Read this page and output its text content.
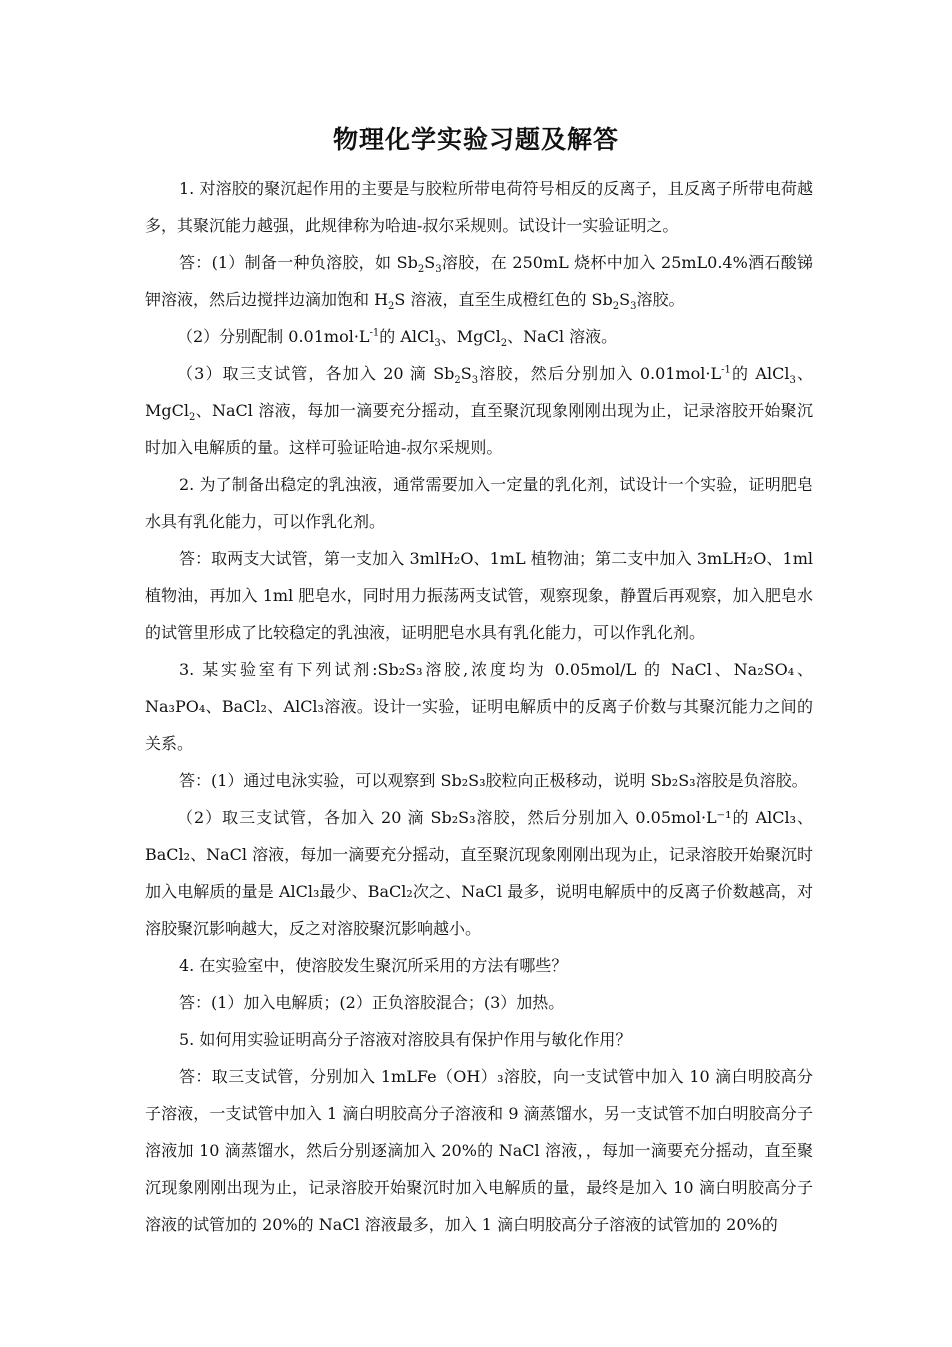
物理化学实验习题及解答

1. 对溶胶的聚沉起作用的主要是与胶粒所带电荷符号相反的反离子，且反离子所带电荷越多，其聚沉能力越强，此规律称为哈迪-叔尔采规则。试设计一实验证明之。

答：(1）制备一种负溶胶，如 $Sb_2S_3$溶胶，在 250mL 烧杯中加入 25mL0.4%酒石酸锑钾溶液，然后边搅拌边滴加饱和 $H_2S$ 溶液，直至生成橙红色的 $Sb_2S_3$溶胶。

（2）分别配制 $0.01mol\cdot L^{-1}$的 AlCl$_3$、MgCl$_2$、NaCl 溶液。

（3）取三支试管，各加入 20 滴 $Sb_2S_3$溶胶，然后分别加入 $0.01mol\cdot L^{-1}$的 AlCl$_3$、MgCl$_2$、NaCl 溶液，每加一滴要充分摇动，直至聚沉现象刚刚出现为止，记录溶胶开始聚沉时加入电解质的量。这样可验证哈迪-叔尔采规则。

2. 为了制备出稳定的乳浊液，通常需要加入一定量的乳化剂，试设计一个实验，证明肥皂水具有乳化能力，可以作乳化剂。

答：取两支大试管，第一支加入 3mlH₂O、1mL 植物油；第二支中加入 3mLH₂O、1ml 植物油，再加入 1ml 肥皂水，同时用力振荡两支试管，观察现象，静置后再观察，加入肥皂水的试管里形成了比较稳定的乳浊液，证明肥皂水具有乳化能力，可以作乳化剂。

3. 某实验室有下列试剂:Sb₂S₃溶胶,浓度均为 0.05mol/L 的 NaCl、Na₂SO₄、Na₃PO₄、BaCl₂、AlCl₃溶液。设计一实验，证明电解质中的反离子价数与其聚沉能力之间的关系。

答：(1）通过电泳实验，可以观察到 Sb₂S₃胶粒向正极移动，说明 Sb₂S₃溶胶是负溶胶。

（2）取三支试管，各加入 20 滴 Sb₂S₃溶胶，然后分别加入 0.05mol·L⁻¹的 AlCl₃、BaCl₂、NaCl 溶液，每加一滴要充分摇动，直至聚沉现象刚刚出现为止，记录溶胶开始聚沉时加入电解质的量是 AlCl₃最少、BaCl₂次之、NaCl 最多，说明电解质中的反离子价数越高，对溶胶聚沉影响越大，反之对溶胶聚沉影响越小。

4. 在实验室中，使溶胶发生聚沉所采用的方法有哪些？

答：(1）加入电解质；(2）正负溶胶混合；(3）加热。

5. 如何用实验证明高分子溶液对溶胶具有保护作用与敏化作用？

答：取三支试管，分别加入 1mLFe（OH）₃溶胶，向一支试管中加入 10 滴白明胶高分子溶液，一支试管中加入 1 滴白明胶高分子溶液和 9 滴蒸馏水，另一支试管不加白明胶高分子溶液加 10 滴蒸馏水，然后分别逐滴加入 20%的 NaCl 溶液，，每加一滴要充分摇动，直至聚沉现象刚刚出现为止，记录溶胶开始聚沉时加入电解质的量，最终是加入 10 滴白明胶高分子溶液的试管加的 20%的 NaCl 溶液最多，加入 1 滴白明胶高分子溶液的试管加的 20%的
